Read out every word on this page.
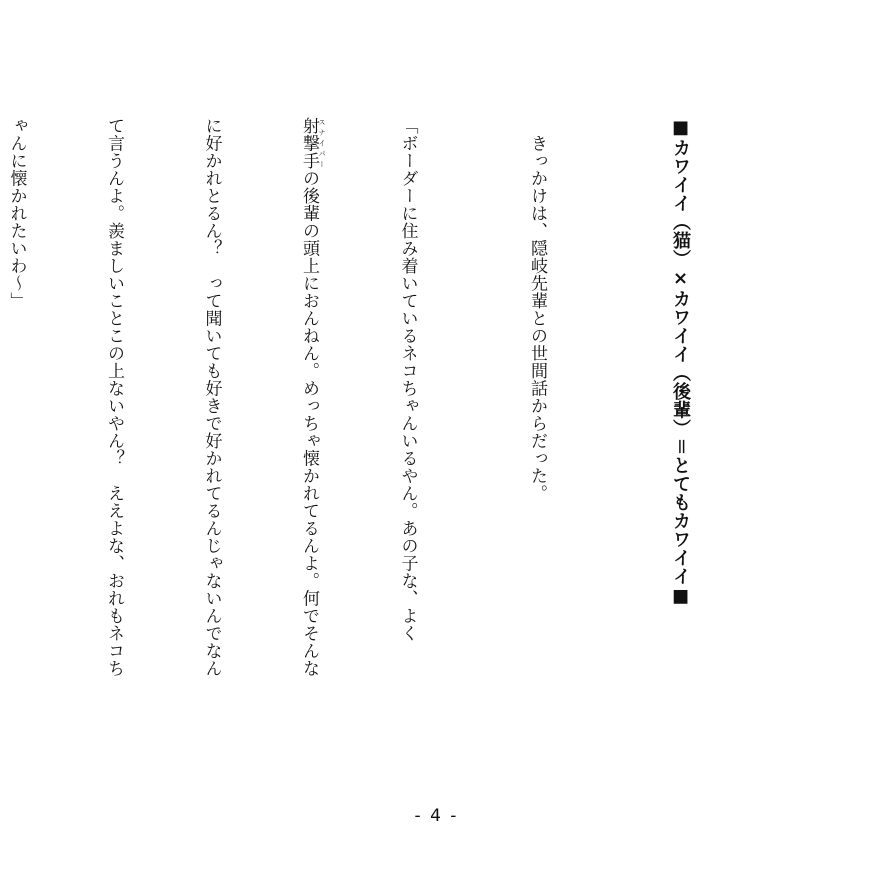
■カワイイ（猫）×カワイイ（後輩）＝とてもカワイイ■

　きっかけは、隠岐先輩との世間話からだった。

「ボーダーに住み着いているネコちゃんいるやん。あの子な、よく

射撃手 スナイパーの後輩の頭上におんねん。めっちゃ懐かれてるんよ。何でそんな

に好かれとるん？　って聞いても好きで好かれてるんじゃないんでなん

て言うんよ。羨ましいことこの上ないやん？　ええよな、おれもネコち

ゃんに懐かれたいわ〜」

- 4 -
